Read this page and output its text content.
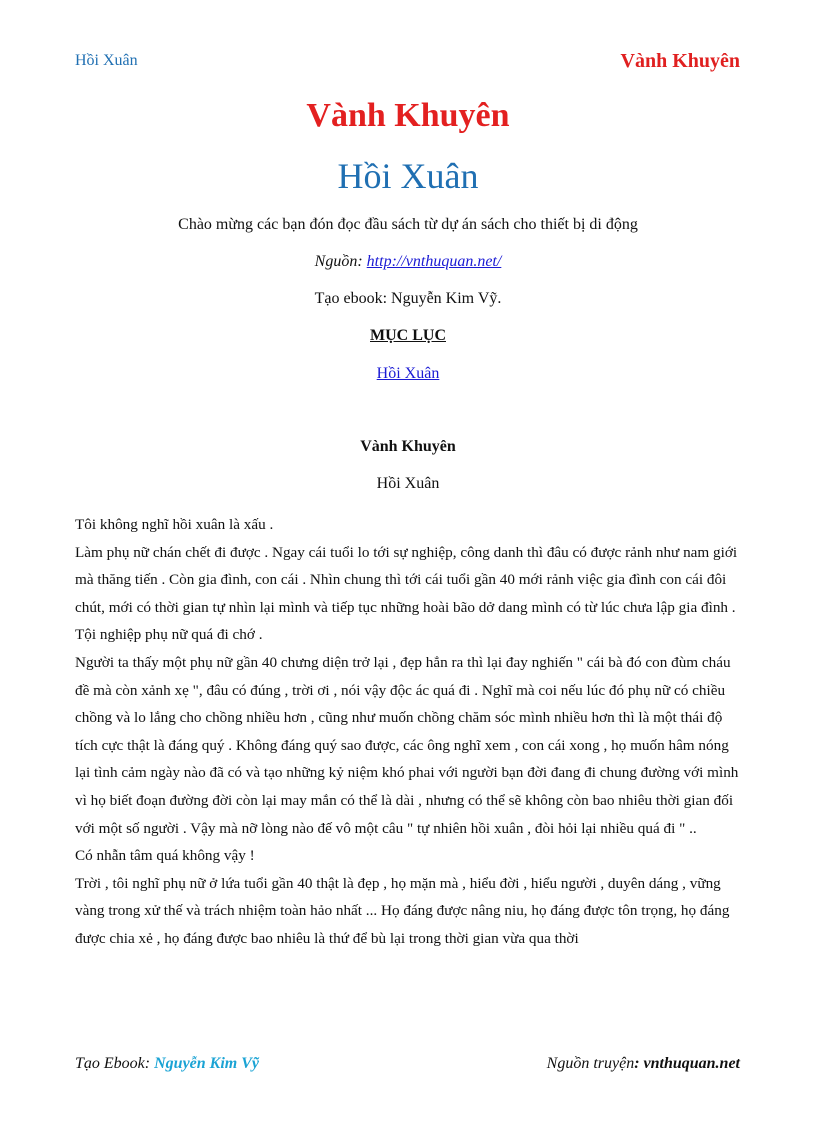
Hồi Xuân	Vành Khuyên
Vành Khuyên
Hồi Xuân
Chào mừng các bạn đón đọc đầu sách từ dự án sách cho thiết bị di động
Nguồn: http://vnthuquan.net/
Tạo ebook: Nguyễn Kim Vỹ.
MỤC LỤC
Hồi Xuân
Vành Khuyên
Hồi Xuân

Tôi không nghĩ hồi xuân là xấu .

Làm phụ nữ chán chết đi được . Ngay cái tuổi lo tới sự nghiệp, công danh thì đâu có được rảnh như nam giới mà thăng tiến . Còn gia đình, con cái . Nhìn chung thì tới cái tuổi gần 40 mới rảnh việc gia đình con cái đôi chút, mới có thời gian tự nhìn lại mình và tiếp tục những hoài bão dở dang mình có từ lúc chưa lập gia đình .

Tội nghiệp phụ nữ quá đi chớ .

Người ta thấy một phụ nữ gần 40 chưng diện trở lại , đẹp hẳn ra thì lại đay nghiến " cái bà đó con đùm cháu đề mà còn xảnh xẹ ", đâu có đúng , trời ơi , nói vậy độc ác quá đi . Nghĩ mà coi nếu lúc đó phụ nữ có chiều chồng và lo lắng cho chồng nhiều hơn , cũng như muốn chồng chăm sóc mình nhiều hơn thì là một thái độ tích cực thật là đáng quý . Không đáng quý sao được, các ông nghĩ xem , con cái xong , họ muốn hâm nóng lại tình cảm ngày nào đã có và tạo những kỷ niệm khó phai với người bạn đời đang đi chung đường với mình vì họ biết đoạn đường đời còn lại may mắn có thể là dài , nhưng có thể sẽ không còn bao nhiêu thời gian đối với một số người . Vậy mà nỡ lòng nào đế vô một câu " tự nhiên hồi xuân , đòi hỏi lại nhiều quá đi " ..

Có nhẫn tâm quá không vậy !

Trời , tôi nghĩ phụ nữ ở lứa tuổi gần 40 thật là đẹp , họ mặn mà , hiểu đời , hiểu người , duyên dáng , vững vàng trong xử thế và trách nhiệm toàn hảo nhất ... Họ đáng được nâng niu, họ đáng được tôn trọng, họ đáng được chia xẻ , họ đáng được bao nhiêu là thứ để bù lại trong thời gian vừa qua thời

Tạo Ebook: Nguyễn Kim Vỹ	Nguồn truyện: vnthuquan.net
